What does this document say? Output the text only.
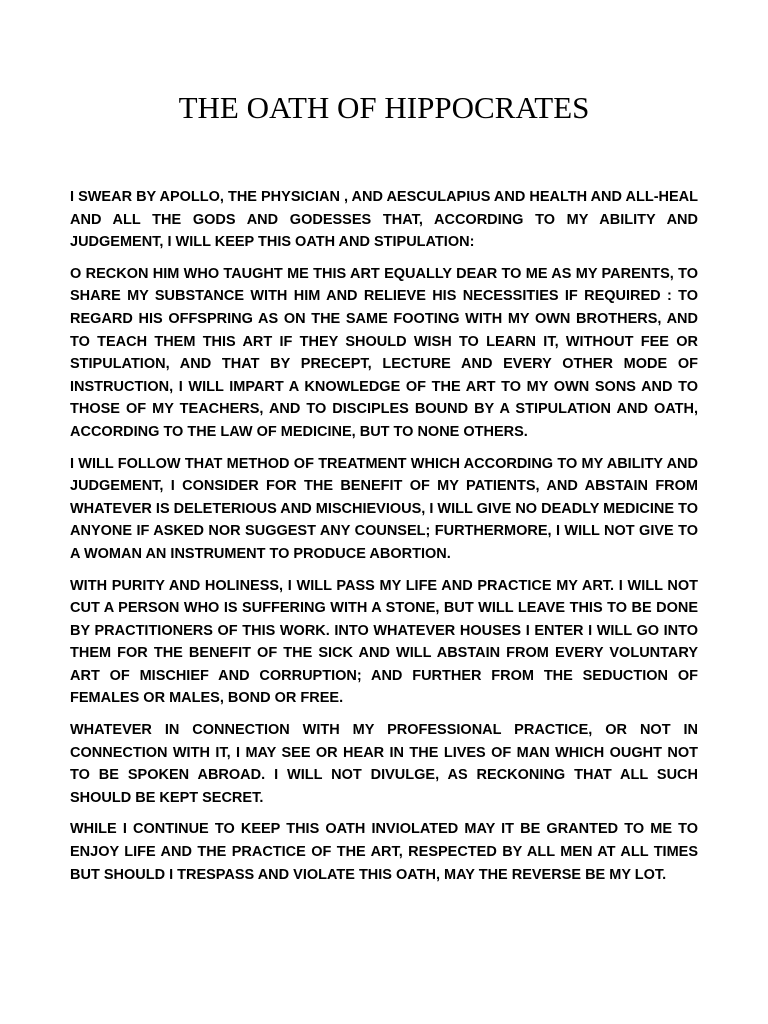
THE OATH OF HIPPOCRATES

I SWEAR BY APOLLO, THE PHYSICIAN , AND AESCULAPIUS AND HEALTH AND ALL-HEAL AND ALL THE GODS AND GODESSES THAT, ACCORDING TO MY ABILITY AND JUDGEMENT, I WILL KEEP THIS OATH AND STIPULATION:

O RECKON HIM WHO TAUGHT ME THIS ART EQUALLY DEAR TO ME AS MY PARENTS, TO SHARE MY SUBSTANCE WITH HIM AND RELIEVE HIS NECESSITIES IF REQUIRED : TO REGARD HIS OFFSPRING AS ON THE SAME FOOTING WITH MY OWN BROTHERS, AND TO TEACH THEM THIS ART IF THEY SHOULD WISH TO LEARN IT, WITHOUT FEE OR STIPULATION, AND THAT BY PRECEPT, LECTURE AND EVERY OTHER MODE OF INSTRUCTION, I WILL IMPART A KNOWLEDGE OF THE ART TO MY OWN SONS AND TO THOSE OF MY TEACHERS, AND TO DISCIPLES BOUND BY A STIPULATION AND OATH, ACCORDING TO THE LAW OF MEDICINE, BUT TO NONE OTHERS.

I WILL FOLLOW THAT METHOD OF TREATMENT WHICH ACCORDING TO MY ABILITY AND JUDGEMENT, I CONSIDER FOR THE BENEFIT OF MY PATIENTS, AND ABSTAIN FROM WHATEVER IS DELETERIOUS AND MISCHIEVIOUS, I WILL GIVE NO DEADLY MEDICINE TO ANYONE IF ASKED NOR SUGGEST ANY COUNSEL; FURTHERMORE, I WILL NOT GIVE TO A WOMAN AN INSTRUMENT TO PRODUCE ABORTION.

WITH PURITY AND HOLINESS, I WILL PASS MY LIFE AND PRACTICE MY ART. I WILL NOT CUT A PERSON WHO IS SUFFERING WITH A STONE, BUT WILL LEAVE THIS TO BE DONE BY PRACTITIONERS OF THIS WORK. INTO WHATEVER HOUSES I ENTER I WILL GO INTO THEM FOR THE BENEFIT OF THE SICK AND WILL ABSTAIN FROM EVERY VOLUNTARY ART OF MISCHIEF AND CORRUPTION; AND FURTHER FROM THE SEDUCTION OF FEMALES OR MALES, BOND OR FREE.

WHATEVER IN CONNECTION WITH MY PROFESSIONAL PRACTICE, OR NOT IN CONNECTION WITH IT, I MAY SEE OR HEAR IN THE LIVES OF MAN WHICH OUGHT NOT TO BE SPOKEN ABROAD. I WILL NOT DIVULGE, AS RECKONING THAT ALL SUCH SHOULD BE KEPT SECRET.

WHILE I CONTINUE TO KEEP THIS OATH INVIOLATED MAY IT BE GRANTED TO ME TO ENJOY LIFE AND THE PRACTICE OF THE ART, RESPECTED BY ALL MEN AT ALL TIMES BUT SHOULD I TRESPASS AND VIOLATE THIS OATH, MAY THE REVERSE BE MY LOT.
